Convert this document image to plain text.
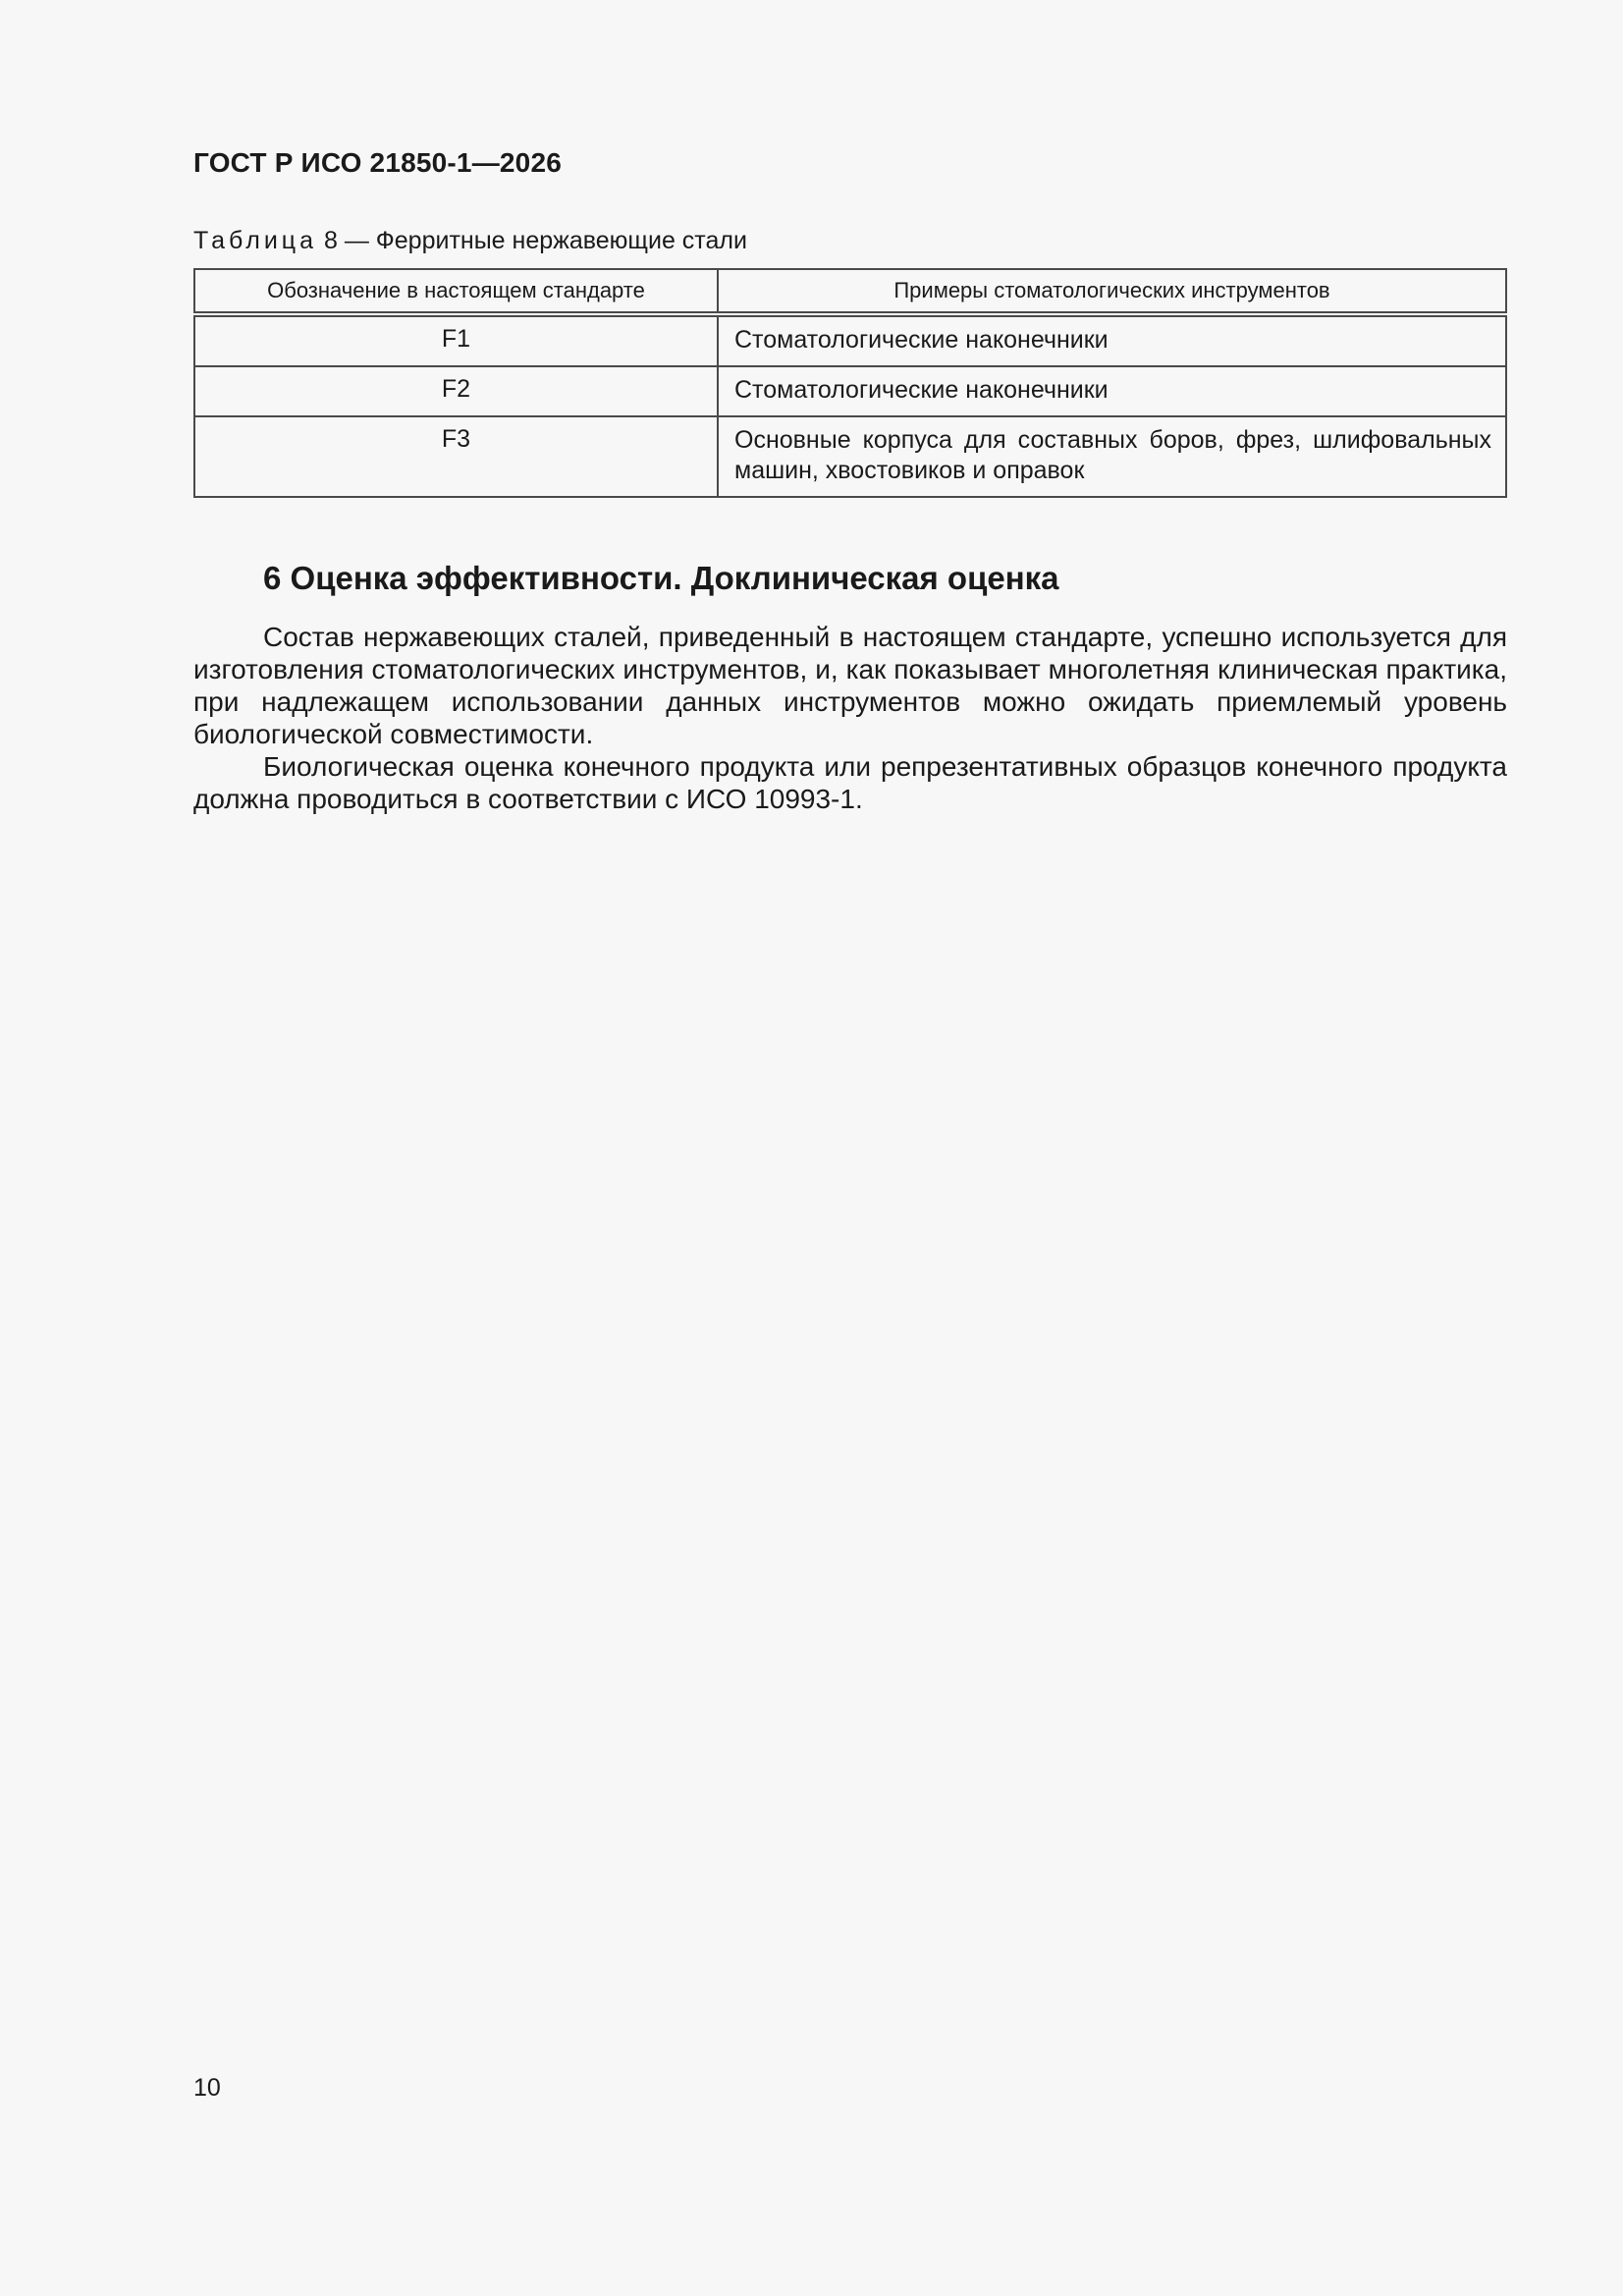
ГОСТ Р ИСО 21850-1—2026
Таблица 8 — Ферритные нержавеющие стали
Обозначение в настоящем стандарте	Примеры стоматологических инструментов
F1	Стоматологические наконечники
F2	Стоматологические наконечники
F3	Основные корпуса для составных боров, фрез, шлифовальных машин, хвостовиков и оправок
6 Оценка эффективности. Доклиническая оценка

Состав нержавеющих сталей, приведенный в настоящем стандарте, успешно используется для изготовления стоматологических инструментов, и, как показывает многолетняя клиническая практика, при надлежащем использовании данных инструментов можно ожидать приемлемый уровень биологической совместимости.

Биологическая оценка конечного продукта или репрезентативных образцов конечного продукта должна проводиться в соответствии с ИСО 10993-1.

10
